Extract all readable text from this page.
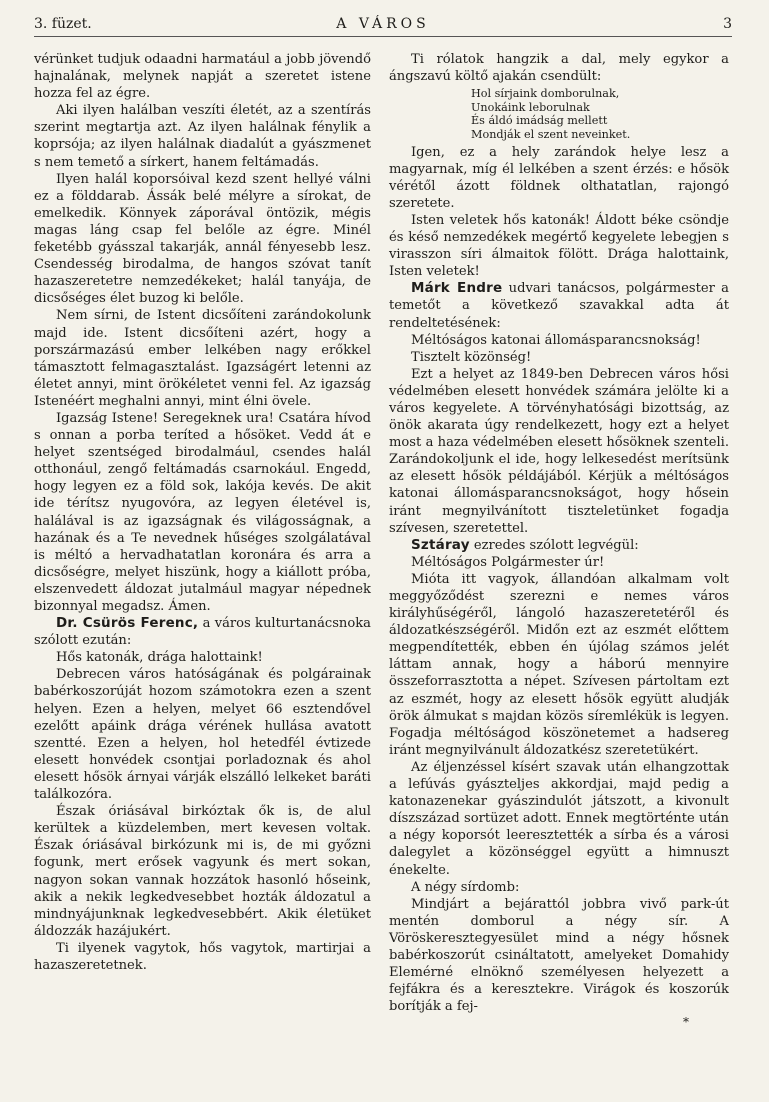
3. füzet.	A VÁROS	3

vérünket tudjuk odaadni harmatául a jobb jövendő hajnalának, melynek napját a szeretet istene hozza fel az égre.

Aki ilyen halálban veszíti életét, az a szentírás szerint megtartja azt. Az ilyen halálnak fénylik a koprsója; az ilyen halálnak diadalút a gyászmenet s nem temető a sírkert, hanem feltámadás.

Ilyen halál koporsóival kezd szent hellyé válni ez a földdarab. Ássák belé mélyre a sírokat, de emelkedik. Könnyek záporával öntözik, mégis magas láng csap fel belőle az égre. Minél feketébb gyásszal takarják, annál fényesebb lesz. Csendesség birodalma, de hangos szóvat tanít hazaszeretetre nemzedékeket; halál tanyája, de dicsőséges élet buzog ki belőle.

Nem sírni, de Istent dicsőíteni zarándokolunk majd ide. Istent dicsőíteni azért, hogy a porszármazású ember lelkében nagy erőkkel támasztott felmagasztalást. Igazságért letenni az életet annyi, mint örökéletet venni fel. Az igazság Istenéért meghalni annyi, mint élni övele.

Igazság Istene! Seregeknek ura! Csatára hívod s onnan a porba teríted a hősöket. Vedd át e helyet szentséged birodalmául, csendes halál otthonául, zengő feltámadás csarnokául. Engedd, hogy legyen ez a föld sok, lakója kevés. De akit ide térítsz nyugovóra, az legyen életével is, halálával is az igazságnak és világosságnak, a hazának és a Te nevednek hűséges szolgálatával is méltó a hervadhatatlan koronára és arra a dicsőségre, melyet hiszünk, hogy a kiállott próba, elszenvedett áldozat jutalmául magyar népednek bizonnyal megadsz. Ámen.

Dr. Csürös Ferenc, a város kulturtanácsnoka szólott ezután:

Hős katonák, drága halottaink!

Debrecen város hatóságának és polgárainak babérkoszorúját hozom számotokra ezen a szent helyen. Ezen a helyen, melyet 66 esztendővel ezelőtt apáink drága vérének hullása avatott szentté. Ezen a helyen, hol hetedfél évtizede elesett honvédek csontjai porladoznak és ahol elesett hősök árnyai várják elszálló lelkeket baráti találkozóra.

Észak óriásával birkóztak ők is, de alul kerültek a küzdelemben, mert kevesen voltak. Észak óriásával birkózunk mi is, de mi győzni fogunk, mert erősek vagyunk és mert sokan, nagyon sokan vannak hozzátok hasonló hőseink, akik a nekik legkedvesebbet hozták áldozatul a mindnyájunknak legkedvesebbért. Akik életüket áldozzák hazájukért.

Ti ilyenek vagytok, hős vagytok, martirjai a hazaszeretetnek.

Ti rólatok hangzik a dal, mely egykor a ángszavú költő ajakán csendült:

Hol sírjaink domborulnak,
Unokáink leborulnak
És áldó imádság mellett
Mondják el szent neveinket.

Igen, ez a hely zarándok helye lesz a magyarnak, míg él lelkében a szent érzés: e hősök vérétől ázott földnek olthatatlan, rajongó szeretete.

Isten veletek hős katonák! Áldott béke csöndje és késő nemzedékek megértő kegyelete lebegjen s virasszon síri álmaitok fölött. Drága halottaink, Isten veletek!

Márk Endre udvari tanácsos, polgármester a temetőt a következő szavakkal adta át rendeltetésének:

Méltóságos katonai állomásparancsnokság!

Tisztelt közönség!

Ezt a helyet az 1849-ben Debrecen város hősi védelmében elesett honvédek számára jelölte ki a város kegyelete. A törvényhatósági bizottság, az önök akarata úgy rendelkezett, hogy ezt a helyet most a haza védelmében elesett hősöknek szenteli. Zarándokoljunk el ide, hogy lelkesedést merítsünk az elesett hősök példájából. Kérjük a méltóságos katonai állomásparancsnokságot, hogy hősein iránt megnyilvánított tiszteletünket fogadja szívesen, szeretettel.

Sztáray ezredes szólott legvégül:

Méltóságos Polgármester úr!

Mióta itt vagyok, állandóan alkalmam volt meggyőződést szerezni e nemes város királyhűségéről, lángoló hazaszeretetéről és áldozatkészségéről. Midőn ezt az eszmét előttem megpendítették, ebben én újólag számos jelét láttam annak, hogy a háború mennyire összeforrasztotta a népet. Szívesen pártoltam ezt az eszmét, hogy az elesett hősök együtt aludják örök álmukat s majdan közös síremlékük is legyen. Fogadja méltóságod köszönetemet a hadsereg iránt megnyilvánult áldozatkész szeretetükért.

Az éljenzéssel kísért szavak után elhangzottak a lefúvás gyászteljes akkordjai, majd pedig a katonazenekar gyászindulót játszott, a kivonult díszszázad sortüzet adott. Ennek megtörténte után a négy koporsót leeresztették a sírba és a városi dalegylet a közönséggel együtt a himnuszt énekelte.

A négy sírdomb:

Mindjárt a bejárattól jobbra vivő park-út mentén domborul a négy sír. A Vöröskeresztegyesület mind a négy hősnek babérkoszorút csináltatott, amelyeket Domahidy Elemérné elnöknő személyesen helyezett a fejfákra és a keresztekre. Virágok és koszorúk borítják a fej-

*
